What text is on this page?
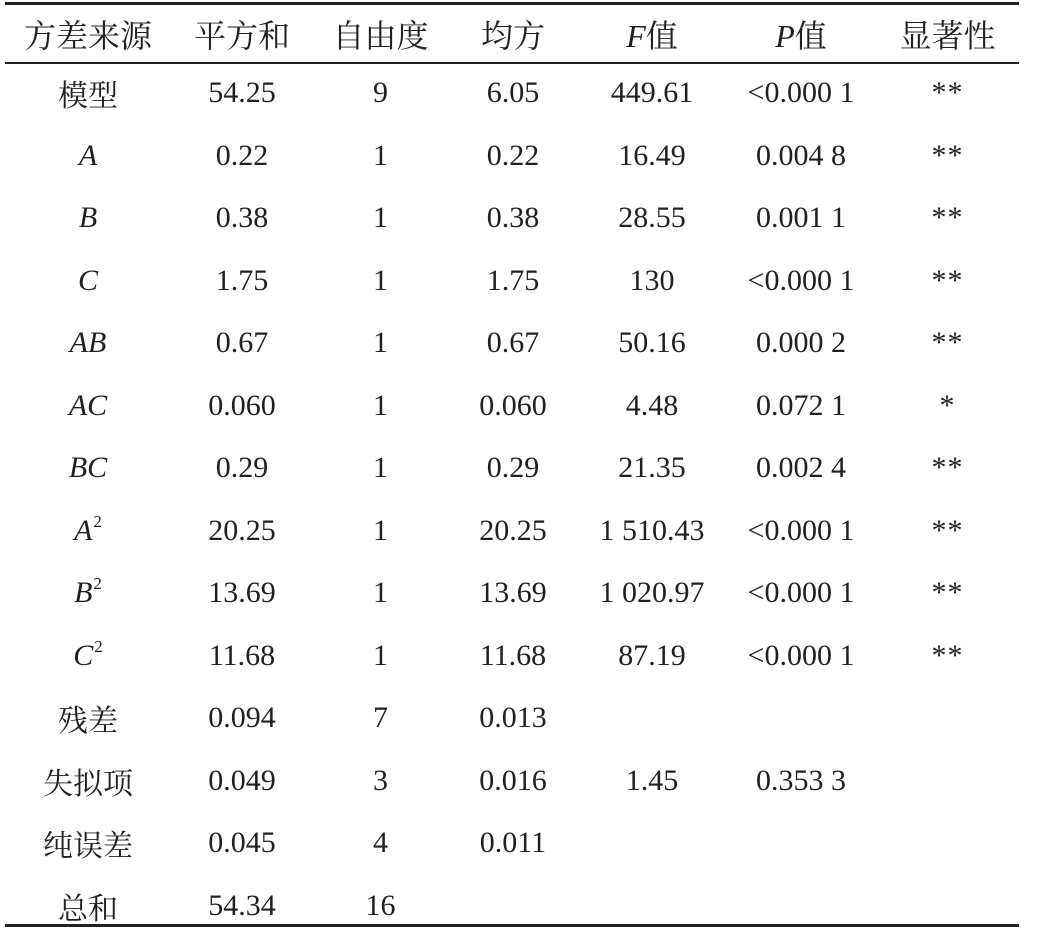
方差来源	平方和	自由度	均方	F值	P值	显著性
模型	54.25	9	6.05	449.61	<0.000 1	**
A	0.22	1	0.22	16.49	0.004 8	**
B	0.38	1	0.38	28.55	0.001 1	**
C	1.75	1	1.75	130	<0.000 1	**
AB	0.67	1	0.67	50.16	0.000 2	**
AC	0.060	1	0.060	4.48	0.072 1	*
BC	0.29	1	0.29	21.35	0.002 4	**
$A^2$	20.25	1	20.25	1 510.43	<0.000 1	**
$B^2$	13.69	1	13.69	1 020.97	<0.000 1	**
$C^2$	11.68	1	11.68	87.19	<0.000 1	**
残差	0.094	7	0.013			
失拟项	0.049	3	0.016	1.45	0.353 3	
纯误差	0.045	4	0.011			
总和	54.34	16				
